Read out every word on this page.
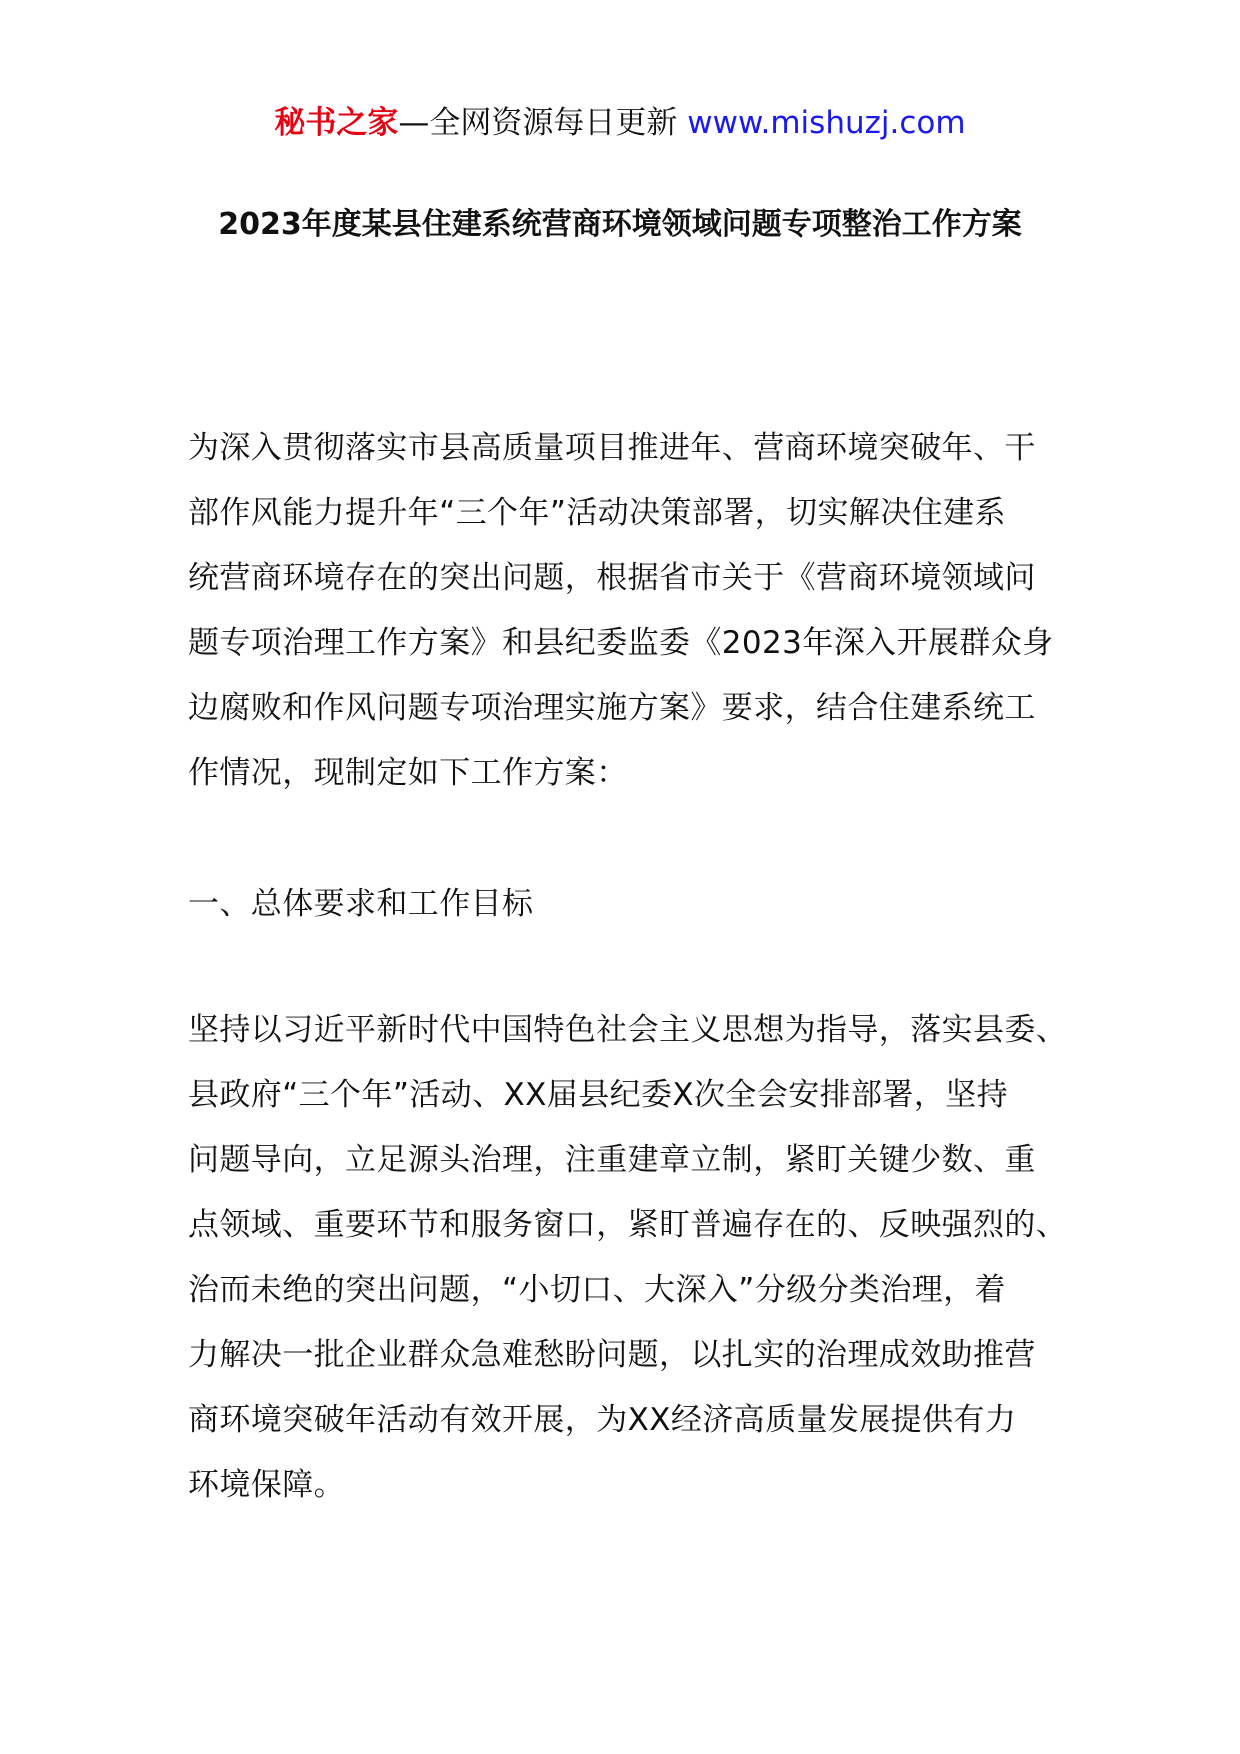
秘书之家—全网资源每日更新 www.mishuzj.com
2023年度某县住建系统营商环境领域问题专项整治工作方案
为深入贯彻落实市县高质量项目推进年、营商环境突破年、干
部作风能力提升年“三个年”活动决策部署，切实解决住建系
统营商环境存在的突出问题，根据省市关于《营商环境领域问
题专项治理工作方案》和县纪委监委《2023年深入开展群众身
边腐败和作风问题专项治理实施方案》要求，结合住建系统工
作情况，现制定如下工作方案：
一、总体要求和工作目标
坚持以习近平新时代中国特色社会主义思想为指导，落实县委、
县政府“三个年”活动、XX届县纪委X次全会安排部署，坚持
问题导向，立足源头治理，注重建章立制，紧盯关键少数、重
点领域、重要环节和服务窗口，紧盯普遍存在的、反映强烈的、
治而未绝的突出问题，“小切口、大深入”分级分类治理，着
力解决一批企业群众急难愁盼问题，以扎实的治理成效助推营
商环境突破年活动有效开展，为XX经济高质量发展提供有力
环境保障。
